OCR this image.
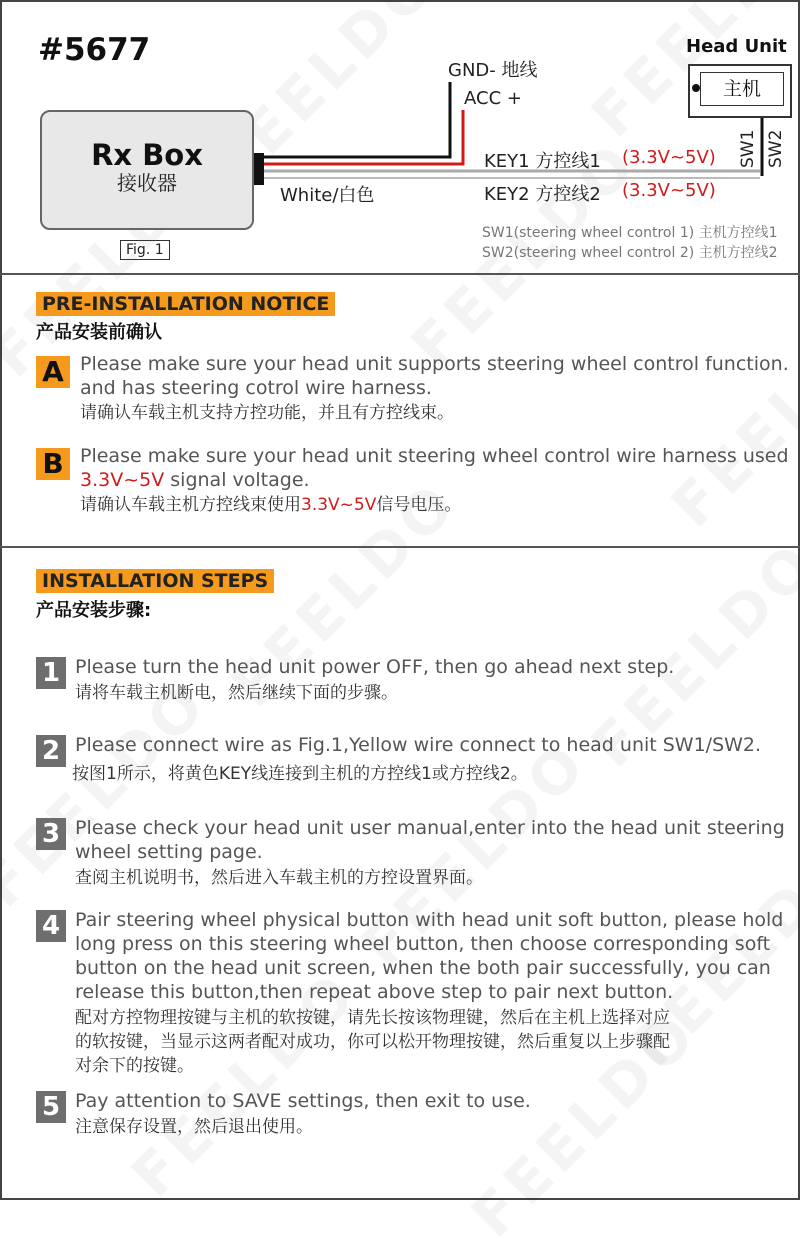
#5677
Rx Box
接收器
Fig. 1
GND- 地线
ACC +
White/白色
KEY1 方控线1 (3.3V~5V)
KEY2 方控线2 (3.3V~5V)
Head Unit
主机
SW1 SW2
SW1(steering wheel control 1) 主机方控线1
SW2(steering wheel control 2) 主机方控线2
PRE-INSTALLATION NOTICE
产品安装前确认
A Please make sure your head unit supports steering wheel control function.
and has steering cotrol wire harness.
请确认车载主机支持方控功能，并且有方控线束。
B Please make sure your head unit steering wheel control wire harness used
3.3V~5V signal voltage.
请确认车载主机方控线束使用3.3V~5V信号电压。
INSTALLATION STEPS
产品安装步骤:
1 Please turn the head unit power OFF, then go ahead next step.
请将车载主机断电，然后继续下面的步骤。
2 Please connect wire as Fig.1,Yellow wire connect to head unit SW1/SW2.
按图1所示，将黄色KEY线连接到主机的方控线1或方控线2。
3 Please check your head unit user manual,enter into the head unit steering
wheel setting page.
查阅主机说明书，然后进入车载主机的方控设置界面。
4 Pair steering wheel physical button with head unit soft button, please hold
long press on this steering wheel button, then choose corresponding soft
button on the head unit screen, when the both pair successfully, you can
release this button,then repeat above step to pair next button.
配对方控物理按键与主机的软按键，请先长按该物理键，然后在主机上选择对应
的软按键，当显示这两者配对成功，你可以松开物理按键，然后重复以上步骤配
对余下的按键。
5 Pay attention to SAVE settings, then exit to use.
注意保存设置，然后退出使用。
